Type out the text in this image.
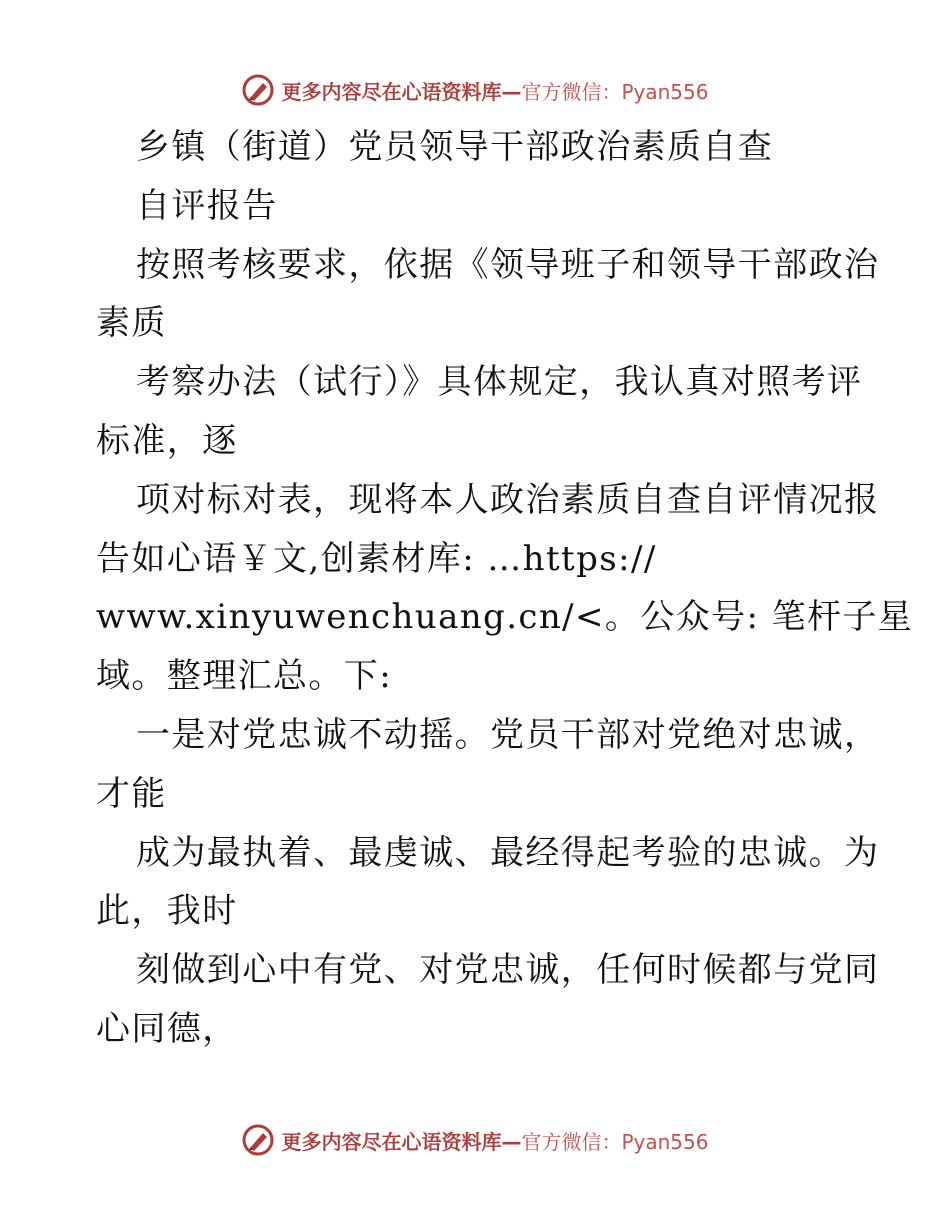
更多内容尽在心语资料库—官方微信：Pyan556
乡镇（街道）党员领导干部政治素质自查
自评报告
按照考核要求，依据《领导班子和领导干部政治
素质
考察办法（试行）》具体规定，我认真对照考评
标准，逐
项对标对表，现将本人政治素质自查自评情况报
告如心语￥文,创素材库: …https://
www.xinyuwenchuang.cn/<。公众号: 笔杆子星
域。整理汇总。下:
一是对党忠诚不动摇。党员干部对党绝对忠诚，
才能
成为最执着、最虔诚、最经得起考验的忠诚。为
此，我时
刻做到心中有党、对党忠诚，任何时候都与党同
心同德，
更多内容尽在心语资料库—官方微信：Pyan556
